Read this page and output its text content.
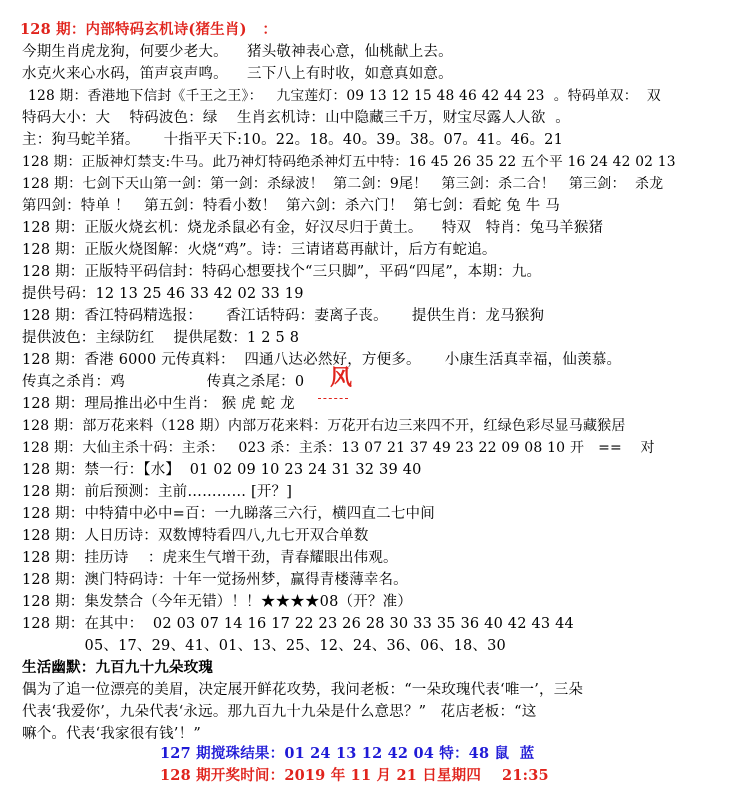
128 期：内部特码玄机诗(猪生肖)   ：
今期生肖虎龙狗，何要少老大。    猪头敬神表心意，仙桃献上去。
水克火来心水码，笛声哀声鸣。    三下八上有时收，如意真如意。
128 期：香港地下信封《千王之王》：   九宝莲灯：09 13 12 15 48 46 42 44 23  。特码单双：  双
特码大小：大    特码波色：绿    生肖玄机诗：山中隐藏三千万，财宝尽露人人欲  。
主：狗马蛇羊猪。     十指平天下:10。22。18。40。39。38。07。41。46。21
128 期：正版神灯禁支:牛马。此乃神灯特码绝杀神灯五中特：16 45 26 35 22 五个平 16 24 42 02 13
128 期：七剑下天山第一剑：第一剑：杀绿波！  第二剑：9尾！   第三剑：杀二合！   第三剑：  杀龙
第四剑：特单 ！   第五剑：特看小数！  第六剑：杀六门！  第七剑：看蛇 兔 牛 马
128 期：正版火烧玄机：烧龙杀鼠必有金，好汉尽归于黄土。    特双   特肖：兔马羊猴猪
128 期：正版火烧图解：火烧“鸡”。诗：三请诸葛再献计，后方有蛇追。
128 期：正版特平码信封：特码心想要找个“三只脚”，平码“四尾”，本期：九。
提供号码：12 13 25 46 33 42 02 33 19
128 期：香江特码精选报：     香江话特码：妻离子丧。     提供生肖：龙马猴狗
提供波色：主绿防红    提供尾数：1 2 5 8
128 期：香港 6000 元传真料：  四通八达必然好，方便多。     小康生活真幸福，仙羡慕。
传真之杀肖：鸡                 传真之杀尾：0
128 期：理局推出必中生肖： 猴 虎 蛇 龙
风
128 期：部万花来料（128 期）内部万花来料：万花开右边三来四不开，红绿色彩尽显马藏猴居
128 期：大仙主杀十码：主杀：   023 杀：主杀：13 07 21 37 49 23 22 09 08 10 开   ==    对
128 期：禁一行：【水】  01 02 09 10 23 24 31 32 39 40
128 期：前后预测：主前………… [开？]
128 期：中特猜中必中=百：一九睇落三六行，横四直二七中间
128 期：人日历诗：双数博特看四八,九七开双合单数
128 期：挂历诗    ：虎来生气增干劲，青春耀眼出伟观。
128 期：澳门特码诗：十年一觉扬州梦，赢得青楼薄幸名。
128 期：集发禁合（今年无错）！！★★★★08（开？准）
128 期：在其中：  02 03 07 14 16 17 22 23 26 28 30 33 35 36 40 42 43 44
05、17、29、41、01、13、25、12、24、36、06、18、30
生活幽默：九百九十九朵玫瑰
偶为了追一位漂亮的美眉，决定展开鲜花攻势，我问老板：“一朵玫瑰代表‘唯一’，三朵
代表‘我爱你’，九朵代表‘永远。那九百九十九朵是什么意思？”   花店老板：“这
嘛个。代表‘我家很有钱’！”
127 期搅珠结果：01 24 13 12 42 04 特：48 鼠  蓝
128 期开奖时间：2019 年 11 月 21 日星期四    21:35
